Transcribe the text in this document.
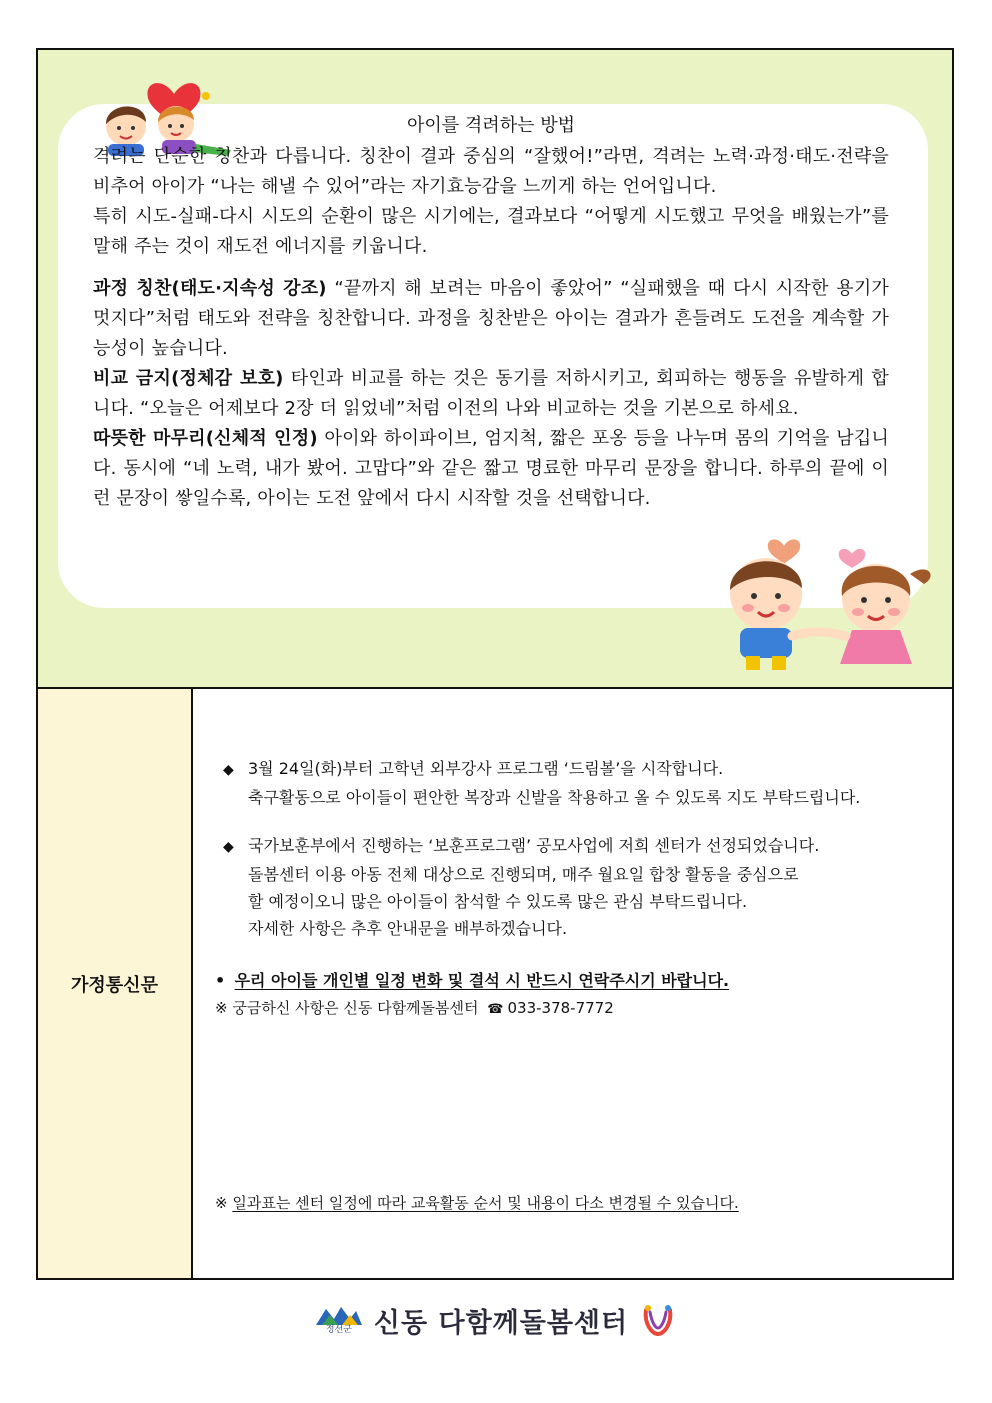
아이를 격려하는 방법

격려는 단순한 칭찬과 다릅니다. 칭찬이 결과 중심의 “잘했어!”라면, 격려는 노력·과정·태도·전략을 비추어 아이가 “나는 해낼 수 있어”라는 자기효능감을 느끼게 하는 언어입니다.

특히 시도-실패-다시 시도의 순환이 많은 시기에는, 결과보다 “어떻게 시도했고 무엇을 배웠는가”를 말해 주는 것이 재도전 에너지를 키웁니다.

과정 칭찬(태도·지속성 강조) “끝까지 해 보려는 마음이 좋았어” “실패했을 때 다시 시작한 용기가 멋지다”처럼 태도와 전략을 칭찬합니다. 과정을 칭찬받은 아이는 결과가 흔들려도 도전을 계속할 가능성이 높습니다.

비교 금지(정체감 보호) 타인과 비교를 하는 것은 동기를 저하시키고, 회피하는 행동을 유발하게 합니다. “오늘은 어제보다 2장 더 읽었네”처럼 이전의 나와 비교하는 것을 기본으로 하세요.

따뜻한 마무리(신체적 인정) 아이와 하이파이브, 엄지척, 짧은 포옹 등을 나누며 몸의 기억을 남깁니다. 동시에 “네 노력, 내가 봤어. 고맙다”와 같은 짧고 명료한 마무리 문장을 합니다. 하루의 끝에 이런 문장이 쌓일수록, 아이는 도전 앞에서 다시 시작할 것을 선택합니다.

가정통신문
◆ 3월 24일(화)부터 고학년 외부강사 프로그램 ‘드림볼’을 시작합니다.
축구활동으로 아이들이 편안한 복장과 신발을 착용하고 올 수 있도록 지도 부탁드립니다.
◆ 국가보훈부에서 진행하는 ‘보훈프로그램’ 공모사업에 저희 센터가 선정되었습니다.
돌봄센터 이용 아동 전체 대상으로 진행되며, 매주 월요일 합창 활동을 중심으로
할 예정이오니 많은 아이들이 참석할 수 있도록 많은 관심 부탁드립니다.
자세한 사항은 추후 안내문을 배부하겠습니다.
• 우리 아이들 개인별 일정 변화 및 결석 시 반드시 연락주시기 바랍니다.
※ 궁금하신 사항은 신동 다함께돌봄센터 ☎ 033-378-7772
※ 일과표는 센터 일정에 따라 교육활동 순서 및 내용이 다소 변경될 수 있습니다.
정선군 신동 다함께돌봄센터
